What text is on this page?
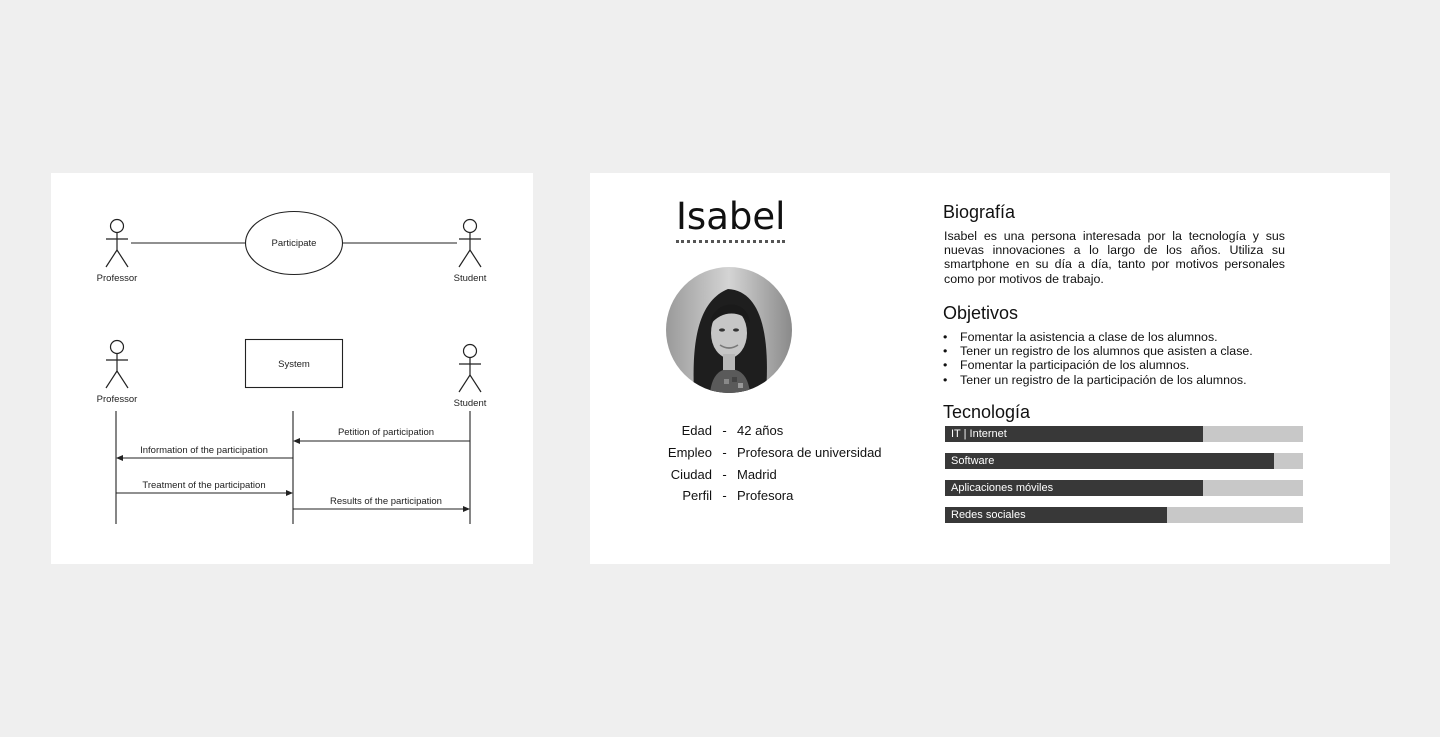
Professor	Student
Participate
Professor	Student
System
Petition of participation
Information of the participation
Treatment of the participation
Results of the participation
Isabel
Edad - 42 años
Empleo - Profesora de universidad
Ciudad - Madrid
Perfil - Profesora
Biografía

Isabel es una persona interesada por la tecnología y sus nuevas innovaciones a lo largo de los años. Utiliza su smartphone en su día a día, tanto por motivos personales como por motivos de trabajo.

Objetivos
• Fomentar la asistencia a clase de los alumnos.
• Tener un registro de los alumnos que asisten a clase.
• Fomentar la participación de los alumnos.
• Tener un registro de la participación de los alumnos.
Tecnología
IT | Internet
Software
Aplicaciones móviles
Redes sociales
